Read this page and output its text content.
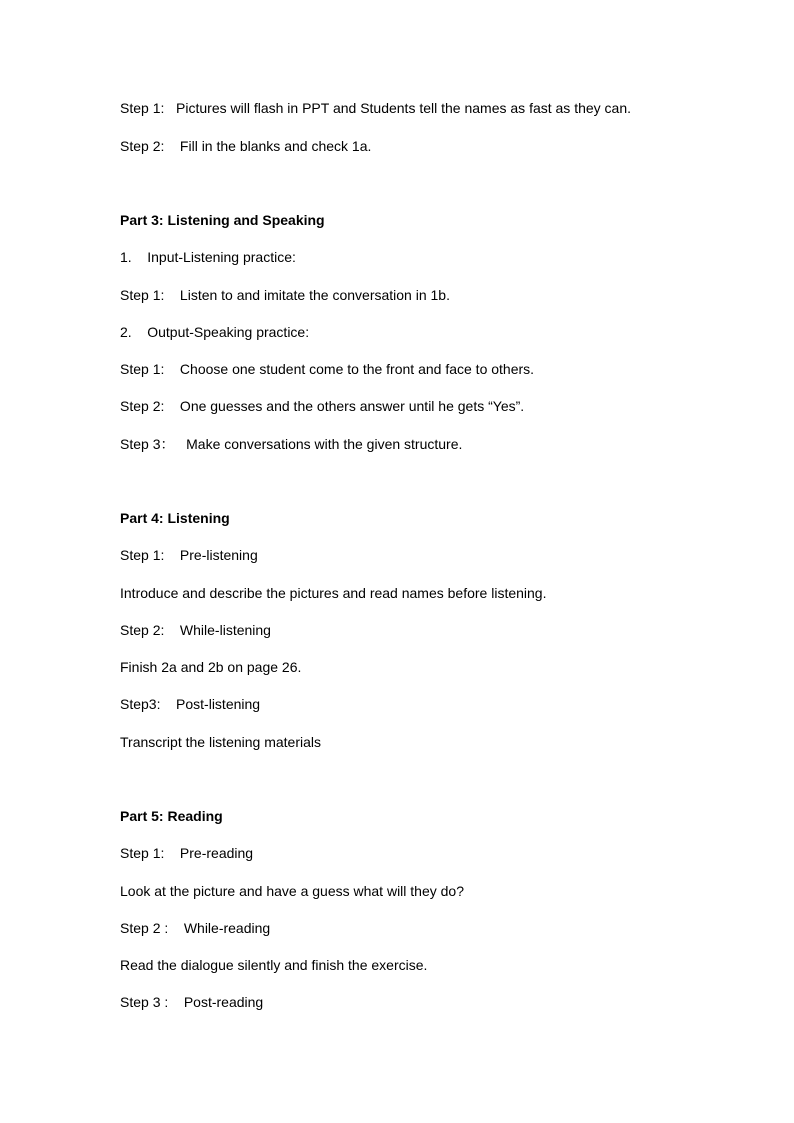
Step 1:   Pictures will flash in PPT and Students tell the names as fast as they can.
Step 2:    Fill in the blanks and check 1a.
Part 3: Listening and Speaking
1.    Input-Listening practice:
Step 1:    Listen to and imitate the conversation in 1b.
2.    Output-Speaking practice:
Step 1:    Choose one student come to the front and face to others.
Step 2:    One guesses and the others answer until he gets “Yes”.
Step 3：   Make conversations with the given structure.
Part 4: Listening
Step 1:    Pre-listening
Introduce and describe the pictures and read names before listening.
Step 2:    While-listening
Finish 2a and 2b on page 26.
Step3:    Post-listening
Transcript the listening materials
Part 5: Reading
Step 1:    Pre-reading
Look at the picture and have a guess what will they do?
Step 2 :    While-reading
Read the dialogue silently and finish the exercise.
Step 3 :    Post-reading
